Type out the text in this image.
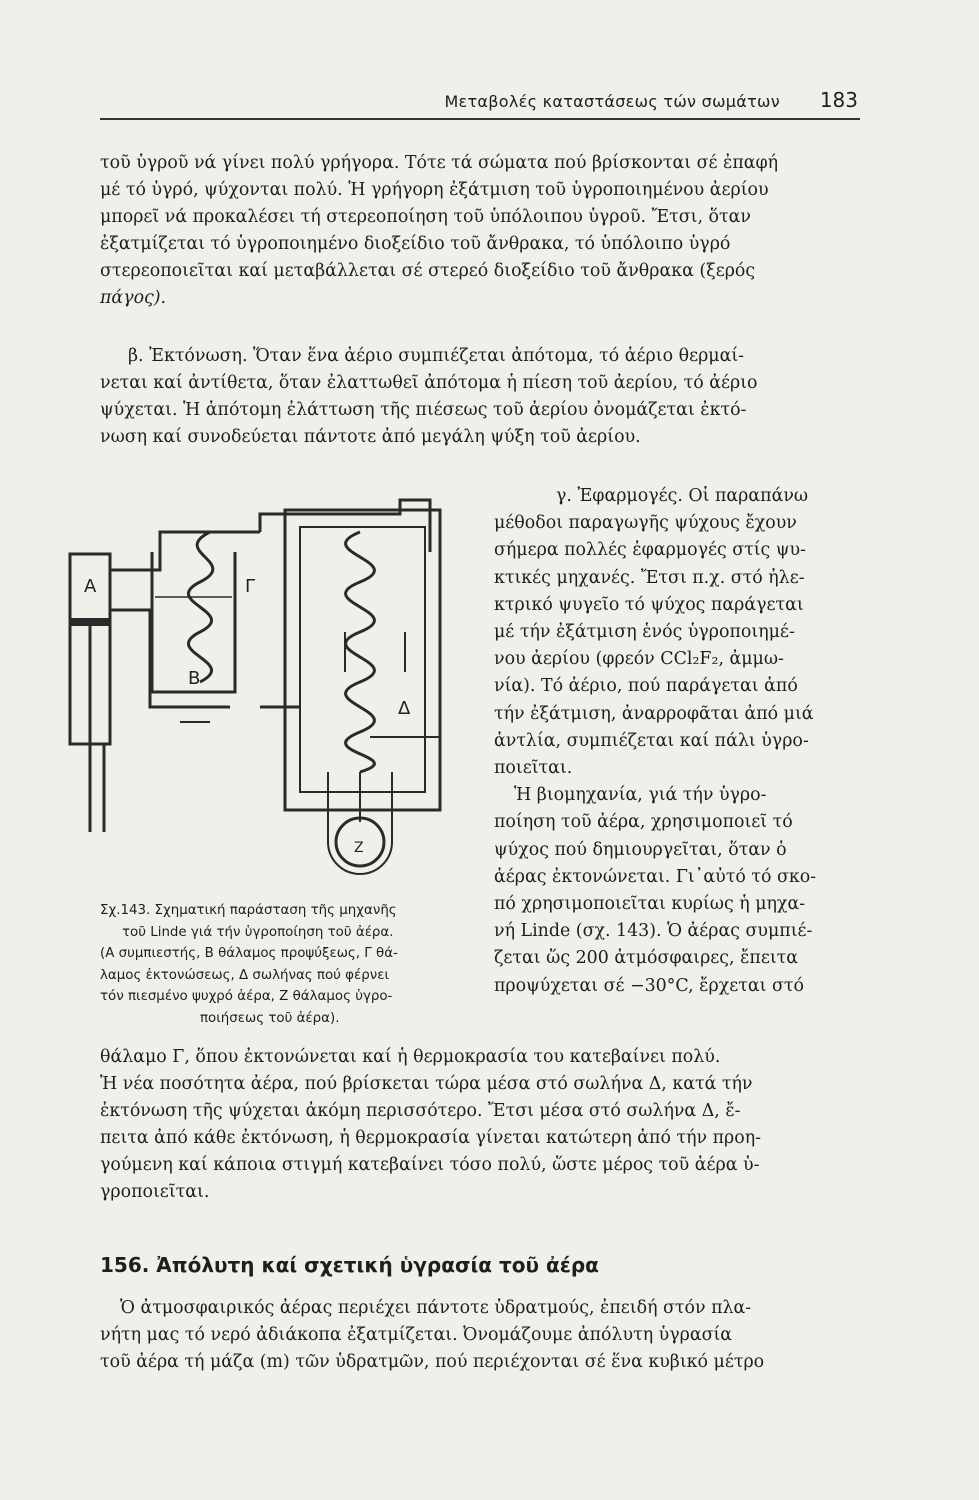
Μεταβολές καταστάσεως τών σωμάτων 183
τοῦ ὑγροῦ νά γίνει πολύ γρήγορα. Τότε τά σώματα πού βρίσκονται σέ ἐπαφή
μέ τό ὑγρό, ψύχονται πολύ. Ἡ γρήγορη ἐξάτμιση τοῦ ὑγροποιημένου ἀερίου
μπορεῖ νά προκαλέσει τή στερεοποίηση τοῦ ὑπόλοιπου ὑγροῦ. Ἔτσι, ὅταν
ἐξατμίζεται τό ὑγροποιημένο διοξείδιο τοῦ ἄνθρακα, τό ὑπόλοιπο ὑγρό
στερεοποιεῖται καί μεταβάλλεται σέ στερεό διοξείδιο τοῦ ἄνθρακα (ξερός
πάγος).
β. Ἐκτόνωση. Ὅταν ἕνα ἀέριο συμπιέζεται ἀπότομα, τό ἀέριο θερμαί-
νεται καί ἀντίθετα, ὅταν ἐλαττωθεῖ ἀπότομα ἡ πίεση τοῦ ἀερίου, τό ἀέριο
ψύχεται. Ἡ ἀπότομη ἐλάττωση τῆς πιέσεως τοῦ ἀερίου ὀνομάζεται ἐκτό-
νωση καί συνοδεύεται πάντοτε ἀπό μεγάλη ψύξη τοῦ ἀερίου.
γ. Ἐφαρμογές. Οἱ παραπάνω
μέθοδοι παραγωγῆς ψύχους ἔχουν
σήμερα πολλές ἐφαρμογές στίς ψυ-
κτικές μηχανές. Ἔτσι π.χ. στό ἠλε-
κτρικό ψυγεῖο τό ψύχος παράγεται
μέ τήν ἐξάτμιση ἑνός ὑγροποιημέ-
νου ἀερίου (φρεόν CCl₂F₂, ἀμμω-
νία). Τό ἀέριο, πού παράγεται ἀπό
τήν ἐξάτμιση, ἀναρροφᾶται ἀπό μιά
ἀντλία, συμπιέζεται καί πάλι ὑγρο-
ποιεῖται.
Ἡ βιομηχανία, γιά τήν ὑγρο-
ποίηση τοῦ ἀέρα, χρησιμοποιεῖ τό
ψύχος πού δημιουργεῖται, ὅταν ὁ
ἀέρας ἐκτονώνεται. Γι᾽αὐτό τό σκο-
πό χρησιμοποιεῖται κυρίως ἡ μηχα-
νή Linde (σχ. 143). Ὁ ἀέρας συμπιέ-
ζεται ὥς 200 ἀτμόσφαιρες, ἔπειτα
προψύχεται σέ −30°C, ἔρχεται στό
Α
Β
Γ
Δ
Ζ
Σχ.143. Σχηματική παράσταση τῆς μηχανῆς
τοῦ Linde γιά τήν ὑγροποίηση τοῦ ἀέρα.
(Α συμπιεστής, Β θάλαμος προψύξεως, Γ θά-
λαμος ἐκτονώσεως, Δ σωλήνας πού φέρνει
τόν πιεσμένο ψυχρό ἀέρα, Ζ θάλαμος ὑγρο-
ποιήσεως τοῦ ἀέρα).
θάλαμο Γ, ὅπου ἐκτονώνεται καί ἡ θερμοκρασία του κατεβαίνει πολύ.
Ἡ νέα ποσότητα ἀέρα, πού βρίσκεται τώρα μέσα στό σωλήνα Δ, κατά τήν
ἐκτόνωση τῆς ψύχεται ἀκόμη περισσότερο. Ἔτσι μέσα στό σωλήνα Δ, ἔ-
πειτα ἀπό κάθε ἐκτόνωση, ἡ θερμοκρασία γίνεται κατώτερη ἀπό τήν προη-
γούμενη καί κάποια στιγμή κατεβαίνει τόσο πολύ, ὥστε μέρος τοῦ ἀέρα ὑ-
γροποιεῖται.
156. Ἀπόλυτη καί σχετική ὑγρασία τοῦ ἀέρα
Ὁ ἀτμοσφαιρικός ἀέρας περιέχει πάντοτε ὑδρατμούς, ἐπειδή στόν πλα-
νήτη μας τό νερό ἀδιάκοπα ἐξατμίζεται. Ὀνομάζουμε ἀπόλυτη ὑγρασία
τοῦ ἀέρα τή μάζα (m) τῶν ὑδρατμῶν, πού περιέχονται σέ ἕνα κυβικό μέτρο
